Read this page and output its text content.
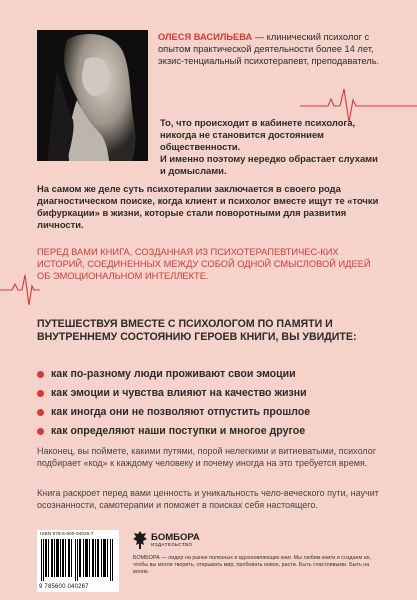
ОЛЕСЯ ВАСИЛЬЕВА — клинический психолог с опытом практической деятельности более 14 лет, экзис-тенциальный психотерапевт, преподаватель.

То, что происходит в кабинете психолога, никогда не становится достоянием общественности.

И именно поэтому нередко обрастает слухами и домыслами.

На самом же деле суть психотерапии заключается в своего рода диагностическом поиске, когда клиент и психолог вместе ищут те «точки бифуркации» в жизни, которые стали поворотными для развития личности.
ПЕРЕД ВАМИ КНИГА, СОЗДАННАЯ ИЗ ПСИХОТЕРАПЕВТИЧЕС-КИХ ИСТОРИЙ, СОЕДИНЕННЫХ МЕЖДУ СОБОЙ ОДНОЙ СМЫСЛОВОЙ ИДЕЕЙ ОБ ЭМОЦИОНАЛЬНОМ ИНТЕЛЛЕКТЕ.
ПУТЕШЕСТВУЯ ВМЕСТЕ С ПСИХОЛОГОМ ПО ПАМЯТИ И ВНУТРЕННЕМУ СОСТОЯНИЮ ГЕРОЕВ КНИГИ, ВЫ УВИДИТЕ:
как по-разному люди проживают свои эмоции
как эмоции и чувства влияют на качество жизни
как иногда они не позволяют отпустить прошлое
как определяют наши поступки и многое другое
Наконец, вы поймете, какими путями, порой нелегкими и витиеватыми, психолог подбирает «код» к каждому человеку и почему иногда на это требуется время.
Книга раскроет перед вами ценность и уникальность чело-веческого пути, научит осознанности, самотерапии и поможет в поисках себя настоящего.
ISBN 978-5-600-04026-7
9 785600 040267
БОМБОРА
ИЗДАТЕЛЬСТВО
БОМБОРА — лидер на рынке полезных и вдохновляющих книг. Мы любим книги и создаем их, чтобы вы могли творить, открывать мир, пробовать новое, расти. Быть счастливыми. Быть на волне.
